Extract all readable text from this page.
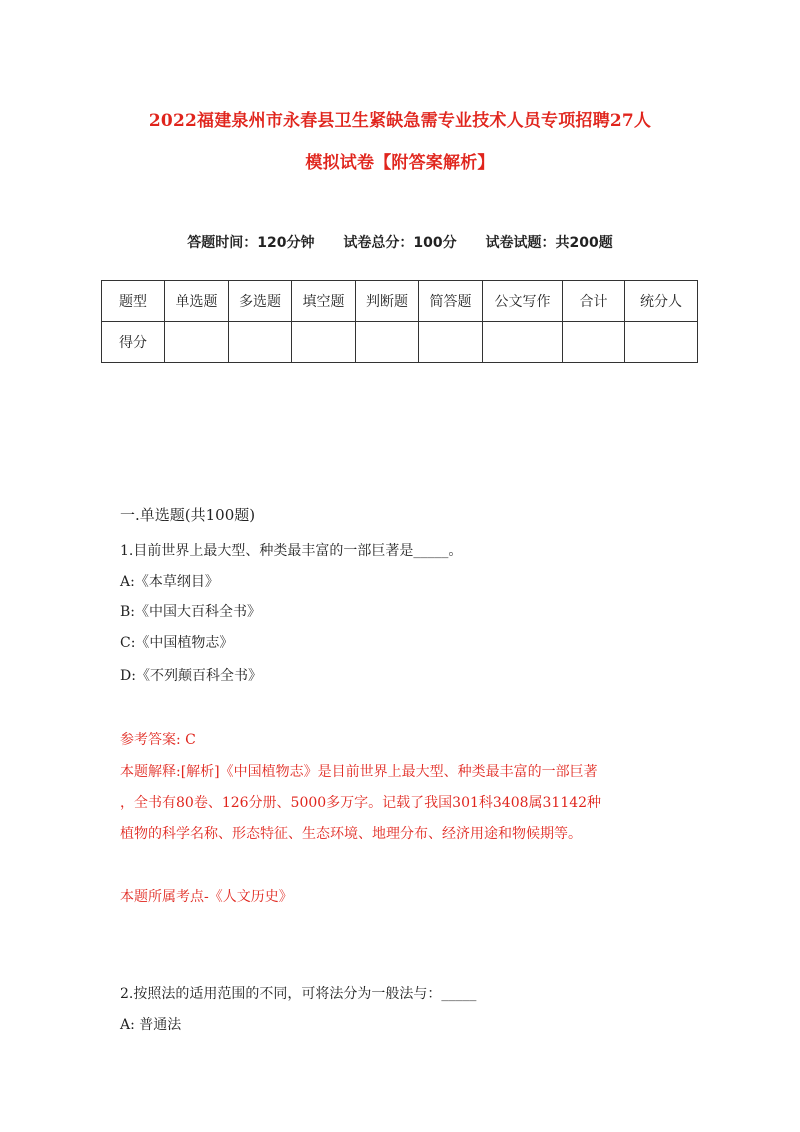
2022福建泉州市永春县卫生紧缺急需专业技术人员专项招聘27人
模拟试卷【附答案解析】
答题时间：120分钟 试卷总分：100分 试卷试题：共200题
题型	单选题	多选题	填空题	判断题	简答题	公文写作	合计	统分人
得分								
一.单选题(共100题)
1.目前世界上最大型、种类最丰富的一部巨著是_____。
A:《本草纲目》
B:《中国大百科全书》
C:《中国植物志》
D:《不列颠百科全书》
参考答案: C
本题解释:[解析]《中国植物志》是目前世界上最大型、种类最丰富的一部巨著
，全书有80卷、126分册、5000多万字。记载了我国301科3408属31142种
植物的科学名称、形态特征、生态环境、地理分布、经济用途和物候期等。
本题所属考点-《人文历史》
2.按照法的适用范围的不同，可将法分为一般法与：_____
A: 普通法
